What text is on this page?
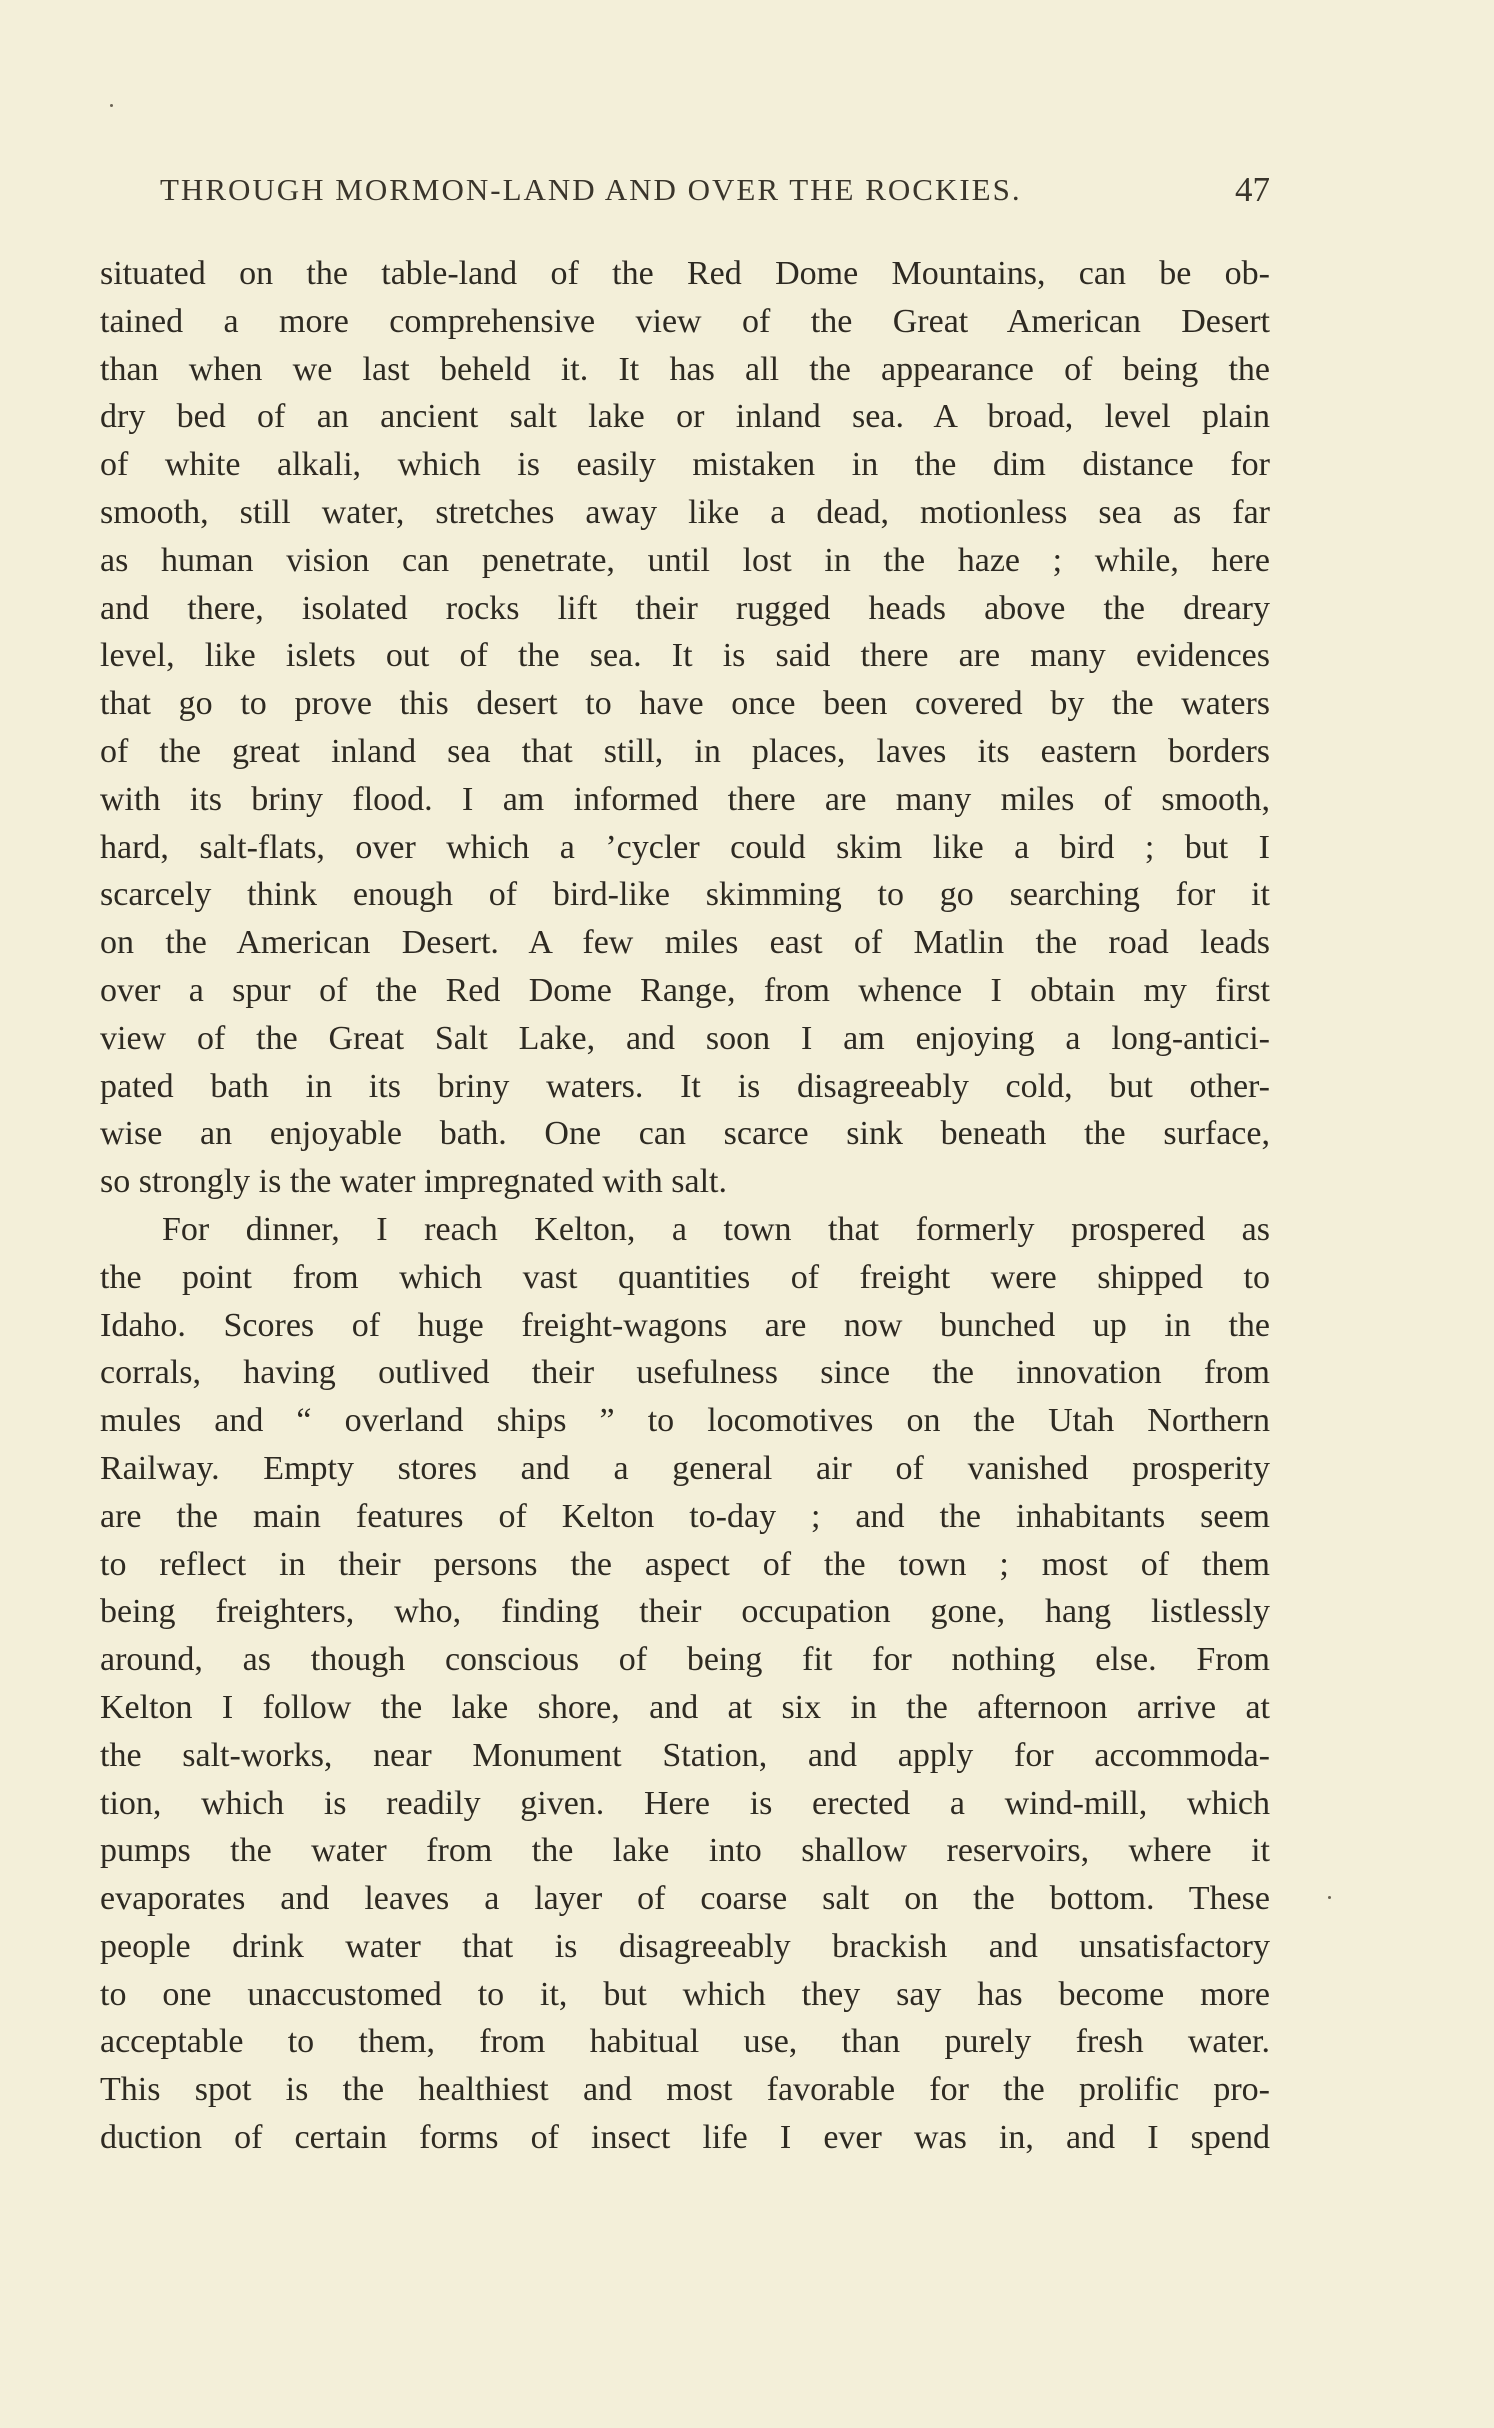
THROUGH MORMON-LAND AND OVER THE ROCKIES.	47
situated on the table-land of the Red Dome Mountains, can be ob-
tained a more comprehensive view of the Great American Desert
than when we last beheld it. It has all the appearance of being the
dry bed of an ancient salt lake or inland sea. A broad, level plain
of white alkali, which is easily mistaken in the dim distance for
smooth, still water, stretches away like a dead, motionless sea as far
as human vision can penetrate, until lost in the haze ; while, here
and there, isolated rocks lift their rugged heads above the dreary
level, like islets out of the sea. It is said there are many evidences
that go to prove this desert to have once been covered by the waters
of the great inland sea that still, in places, laves its eastern borders
with its briny flood. I am informed there are many miles of smooth,
hard, salt-flats, over which a ’cycler could skim like a bird ; but I
scarcely think enough of bird-like skimming to go searching for it
on the American Desert. A few miles east of Matlin the road leads
over a spur of the Red Dome Range, from whence I obtain my first
view of the Great Salt Lake, and soon I am enjoying a long-antici-
pated bath in its briny waters. It is disagreeably cold, but other-
wise an enjoyable bath. One can scarce sink beneath the surface,
so strongly is the water impregnated with salt.
For dinner, I reach Kelton, a town that formerly prospered as
the point from which vast quantities of freight were shipped to
Idaho. Scores of huge freight-wagons are now bunched up in the
corrals, having outlived their usefulness since the innovation from
mules and “ overland ships ” to locomotives on the Utah Northern
Railway. Empty stores and a general air of vanished prosperity
are the main features of Kelton to-day ; and the inhabitants seem
to reflect in their persons the aspect of the town ; most of them
being freighters, who, finding their occupation gone, hang listlessly
around, as though conscious of being fit for nothing else. From
Kelton I follow the lake shore, and at six in the afternoon arrive at
the salt-works, near Monument Station, and apply for accommoda-
tion, which is readily given. Here is erected a wind-mill, which
pumps the water from the lake into shallow reservoirs, where it
evaporates and leaves a layer of coarse salt on the bottom. These
people drink water that is disagreeably brackish and unsatisfactory
to one unaccustomed to it, but which they say has become more
acceptable to them, from habitual use, than purely fresh water.
This spot is the healthiest and most favorable for the prolific pro-
duction of certain forms of insect life I ever was in, and I spend
